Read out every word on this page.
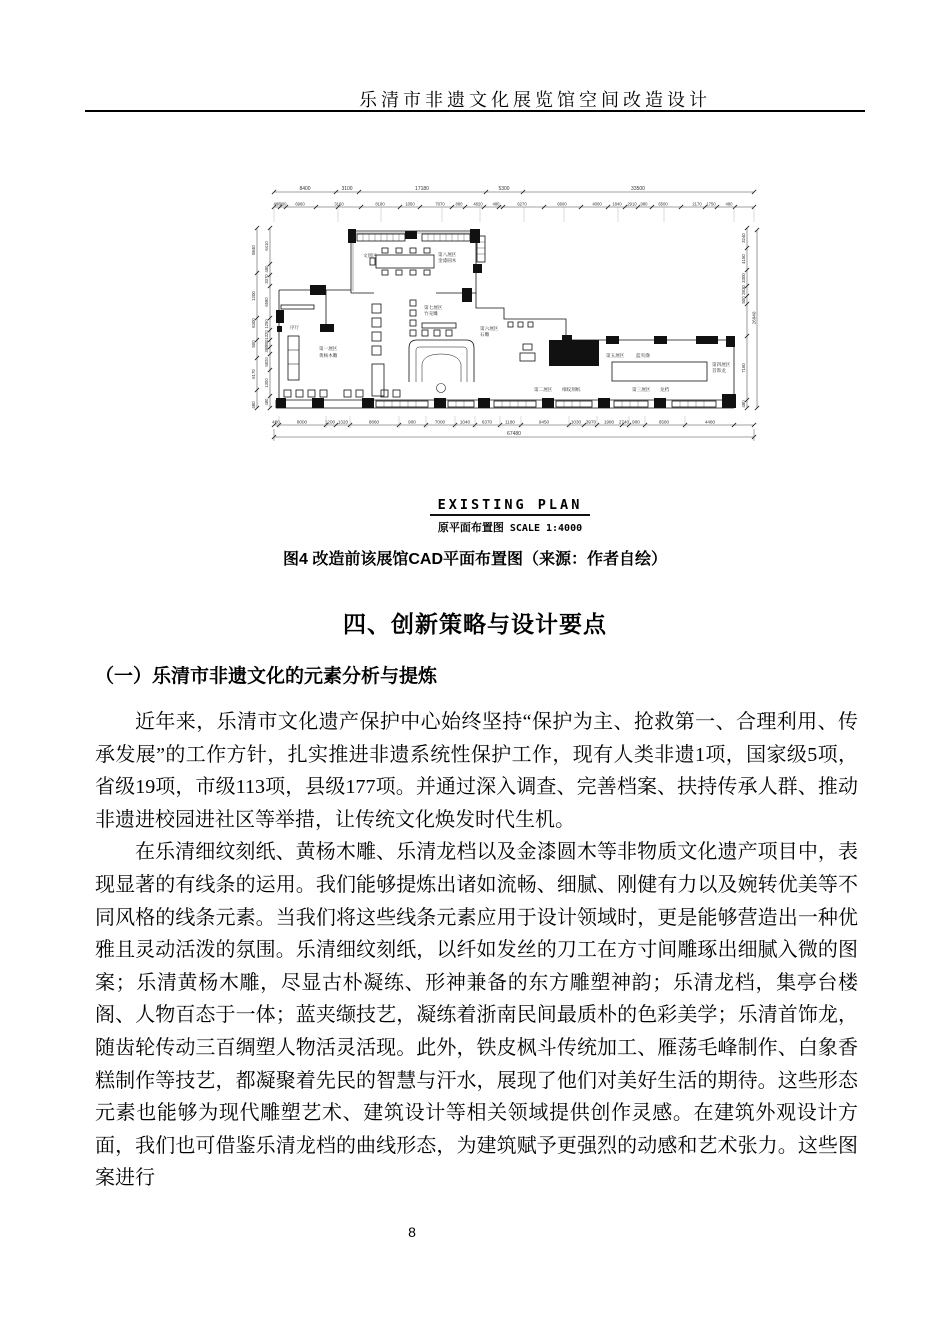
乐清市非遗文化展览馆空间改造设计
文创区	第八展区
金漆圆木
序厅
第一展区
黄杨木雕
第七展区
竹壳雕
第六展区
石雕
第五展区	蓝夹缬
第四展区
首饰龙
第二展区 细纹刻纸	第三展区 龙档
8400	3100	17180	5300	33500
480 900 6960	3160	8180	1050	7070	880	4820 480	6270	6600	4000	1840 2910 980	6500	2170 1750 480
8840
1200
6300
500
6170
480
6410
480
3370
6580
1250
1320
800
380
5820
1300
480
3240
4150
3300
2830
500
7160
480
26940
480	8000	1200 1320	8860	900	7000	1040	6370	1180	9450	1030 3970 1980 2740 900	6580	4480
67480
EXISTING PLAN
原平面布置图 SCALE 1:4000
图4 改造前该展馆CAD平面布置图（来源：作者自绘）
四、创新策略与设计要点
（一）乐清市非遗文化的元素分析与提炼

近年来，乐清市文化遗产保护中心始终坚持“保护为主、抢救第一、合理利用、传承发展”的工作方针，扎实推进非遗系统性保护工作，现有人类非遗1项，国家级5项，省级19项，市级113项，县级177项。并通过深入调查、完善档案、扶持传承人群、推动非遗进校园进社区等举措，让传统文化焕发时代生机。

在乐清细纹刻纸、黄杨木雕、乐清龙档以及金漆圆木等非物质文化遗产项目中，表现显著的有线条的运用。我们能够提炼出诸如流畅、细腻、刚健有力以及婉转优美等不同风格的线条元素。当我们将这些线条元素应用于设计领域时，更是能够营造出一种优雅且灵动活泼的氛围。乐清细纹刻纸，以纤如发丝的刀工在方寸间雕琢出细腻入微的图案；乐清黄杨木雕，尽显古朴凝练、形神兼备的东方雕塑神韵；乐清龙档，集亭台楼阁、人物百态于一体；蓝夹缬技艺，凝练着浙南民间最质朴的色彩美学；乐清首饰龙，随齿轮传动三百绸塑人物活灵活现。此外，铁皮枫斗传统加工、雁荡毛峰制作、白象香糕制作等技艺，都凝聚着先民的智慧与汗水，展现了他们对美好生活的期待。这些形态元素也能够为现代雕塑艺术、建筑设计等相关领域提供创作灵感。在建筑外观设计方面，我们也可借鉴乐清龙档的曲线形态，为建筑赋予更强烈的动感和艺术张力。这些图案进行

8
